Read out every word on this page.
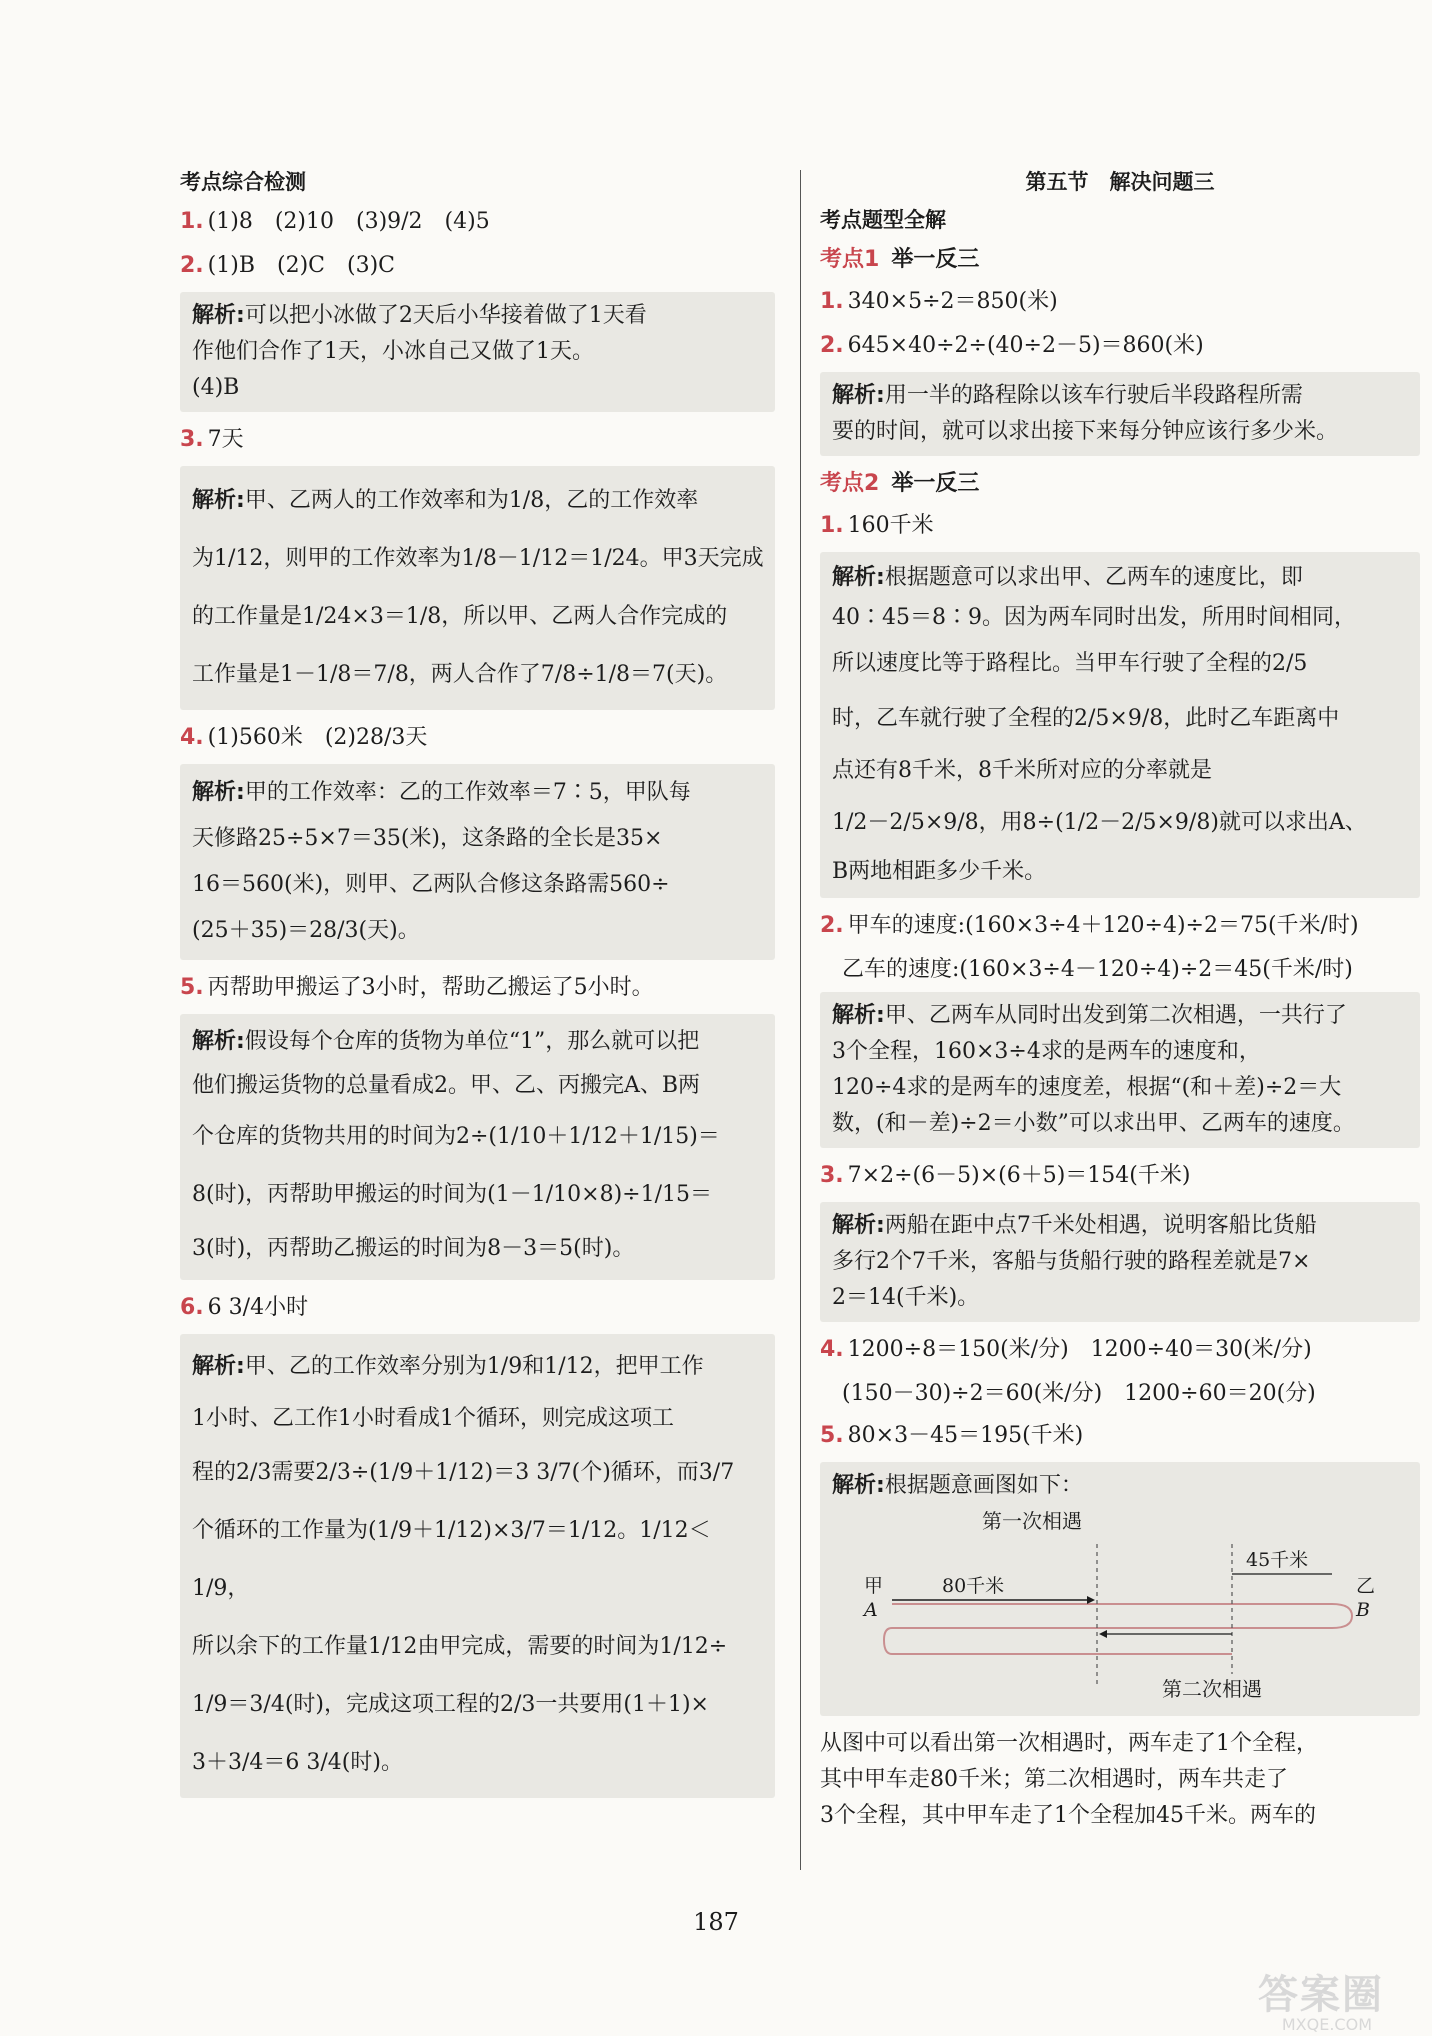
考点综合检测
1. (1)8　(2)10　(3)9/2　(4)5
2. (1)B　(2)C　(3)C
解析:可以把小冰做了2天后小华接着做了1天看
作他们合作了1天，小冰自己又做了1天。
(4)B
3. 7天
解析:甲、乙两人的工作效率和为1/8，乙的工作效率
为1/12，则甲的工作效率为1/8－1/12＝1/24。甲3天完成
的工作量是1/24×3＝1/8，所以甲、乙两人合作完成的
工作量是1－1/8＝7/8，两人合作了7/8÷1/8＝7(天)。
4. (1)560米　(2)28/3天
解析:甲的工作效率：乙的工作效率＝7∶5，甲队每
天修路25÷5×7＝35(米)，这条路的全长是35×
16＝560(米)，则甲、乙两队合修这条路需560÷
(25＋35)＝28/3(天)。
5. 丙帮助甲搬运了3小时，帮助乙搬运了5小时。
解析:假设每个仓库的货物为单位“1”，那么就可以把
他们搬运货物的总量看成2。甲、乙、丙搬完A、B两
个仓库的货物共用的时间为2÷(1/10＋1/12＋1/15)＝
8(时)，丙帮助甲搬运的时间为(1－1/10×8)÷1/15＝
3(时)，丙帮助乙搬运的时间为8－3＝5(时)。
6. 6 3/4小时
解析:甲、乙的工作效率分别为1/9和1/12，把甲工作
1小时、乙工作1小时看成1个循环，则完成这项工
程的2/3需要2/3÷(1/9＋1/12)＝3 3/7(个)循环，而3/7
个循环的工作量为(1/9＋1/12)×3/7＝1/12。1/12＜1/9，
所以余下的工作量1/12由甲完成，需要的时间为1/12÷
1/9＝3/4(时)，完成这项工程的2/3一共要用(1＋1)×
3＋3/4＝6 3/4(时)。
第五节　解决问题三
考点题型全解
考点1 举一反三
1. 340×5÷2＝850(米)
2. 645×40÷2÷(40÷2－5)＝860(米)
解析:用一半的路程除以该车行驶后半段路程所需
要的时间，就可以求出接下来每分钟应该行多少米。
考点2 举一反三
1. 160千米
解析:根据题意可以求出甲、乙两车的速度比，即
40∶45＝8∶9。因为两车同时出发，所用时间相同，
所以速度比等于路程比。当甲车行驶了全程的2/5
时，乙车就行驶了全程的2/5×9/8，此时乙车距离中
点还有8千米，8千米所对应的分率就是
1/2－2/5×9/8，用8÷(1/2－2/5×9/8)就可以求出A、
B两地相距多少千米。
2. 甲车的速度:(160×3÷4＋120÷4)÷2＝75(千米/时)
乙车的速度:(160×3÷4－120÷4)÷2＝45(千米/时)
解析:甲、乙两车从同时出发到第二次相遇，一共行了
3个全程，160×3÷4求的是两车的速度和，
120÷4求的是两车的速度差，根据“(和＋差)÷2＝大
数，(和－差)÷2＝小数”可以求出甲、乙两车的速度。
3. 7×2÷(6－5)×(6＋5)＝154(千米)
解析:两船在距中点7千米处相遇，说明客船比货船
多行2个7千米，客船与货船行驶的路程差就是7×
2＝14(千米)。
4. 1200÷8＝150(米/分)　1200÷40＝30(米/分)
(150－30)÷2＝60(米/分)　1200÷60＝20(分)
5. 80×3－45＝195(千米)
解析:根据题意画图如下：
第一次相遇
甲
A
乙
B
80千米
45千米
第二次相遇
从图中可以看出第一次相遇时，两车走了1个全程，
其中甲车走80千米；第二次相遇时，两车共走了
3个全程，其中甲车走了1个全程加45千米。两车的
187
答案圈
MXQE.COM
